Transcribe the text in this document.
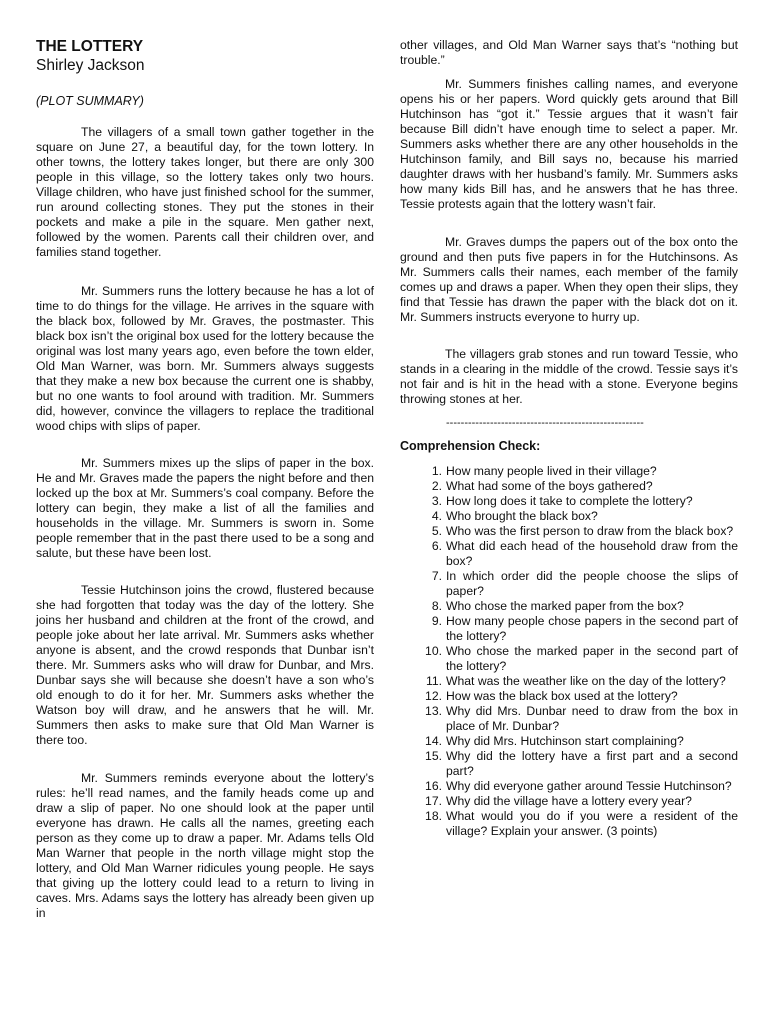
THE LOTTERY
Shirley Jackson
(PLOT SUMMARY)

The villagers of a small town gather together in the square on June 27, a beautiful day, for the town lottery. In other towns, the lottery takes longer, but there are only 300 people in this village, so the lottery takes only two hours. Village children, who have just finished school for the summer, run around collecting stones. They put the stones in their pockets and make a pile in the square. Men gather next, followed by the women. Parents call their children over, and families stand together.

Mr. Summers runs the lottery because he has a lot of time to do things for the village. He arrives in the square with the black box, followed by Mr. Graves, the postmaster. This black box isn’t the original box used for the lottery because the original was lost many years ago, even before the town elder, Old Man Warner, was born. Mr. Summers always suggests that they make a new box because the current one is shabby, but no one wants to fool around with tradition. Mr. Summers did, however, convince the villagers to replace the traditional wood chips with slips of paper.

Mr. Summers mixes up the slips of paper in the box. He and Mr. Graves made the papers the night before and then locked up the box at Mr. Summers’s coal company. Before the lottery can begin, they make a list of all the families and households in the village. Mr. Summers is sworn in. Some people remember that in the past there used to be a song and salute, but these have been lost.

Tessie Hutchinson joins the crowd, flustered because she had forgotten that today was the day of the lottery. She joins her husband and children at the front of the crowd, and people joke about her late arrival. Mr. Summers asks whether anyone is absent, and the crowd responds that Dunbar isn’t there. Mr. Summers asks who will draw for Dunbar, and Mrs. Dunbar says she will because she doesn’t have a son who’s old enough to do it for her. Mr. Summers asks whether the Watson boy will draw, and he answers that he will. Mr. Summers then asks to make sure that Old Man Warner is there too.

Mr. Summers reminds everyone about the lottery’s rules: he’ll read names, and the family heads come up and draw a slip of paper. No one should look at the paper until everyone has drawn. He calls all the names, greeting each person as they come up to draw a paper. Mr. Adams tells Old Man Warner that people in the north village might stop the lottery, and Old Man Warner ridicules young people. He says that giving up the lottery could lead to a return to living in caves. Mrs. Adams says the lottery has already been given up in

other villages, and Old Man Warner says that’s “nothing but trouble.”

Mr. Summers finishes calling names, and everyone opens his or her papers. Word quickly gets around that Bill Hutchinson has “got it.” Tessie argues that it wasn’t fair because Bill didn’t have enough time to select a paper. Mr. Summers asks whether there are any other households in the Hutchinson family, and Bill says no, because his married daughter draws with her husband’s family. Mr. Summers asks how many kids Bill has, and he answers that he has three. Tessie protests again that the lottery wasn’t fair.

Mr. Graves dumps the papers out of the box onto the ground and then puts five papers in for the Hutchinsons. As Mr. Summers calls their names, each member of the family comes up and draws a paper. When they open their slips, they find that Tessie has drawn the paper with the black dot on it. Mr. Summers instructs everyone to hurry up.

The villagers grab stones and run toward Tessie, who stands in a clearing in the middle of the crowd. Tessie says it’s not fair and is hit in the head with a stone. Everyone begins throwing stones at her.

------------------------------------------------------
Comprehension Check:
1. How many people lived in their village?
2. What had some of the boys gathered?
3. How long does it take to complete the lottery?
4. Who brought the black box?
5. Who was the first person to draw from the black box?
6. What did each head of the household draw from the box?
7. In which order did the people choose the slips of paper?
8. Who chose the marked paper from the box?
9. How many people chose papers in the second part of the lottery?
10. Who chose the marked paper in the second part of the lottery?
11. What was the weather like on the day of the lottery?
12. How was the black box used at the lottery?
13. Why did Mrs. Dunbar need to draw from the box in place of Mr. Dunbar?
14. Why did Mrs. Hutchinson start complaining?
15. Why did the lottery have a first part and a second part?
16. Why did everyone gather around Tessie Hutchinson?
17. Why did the village have a lottery every year?
18. What would you do if you were a resident of the village? Explain your answer. (3 points)
